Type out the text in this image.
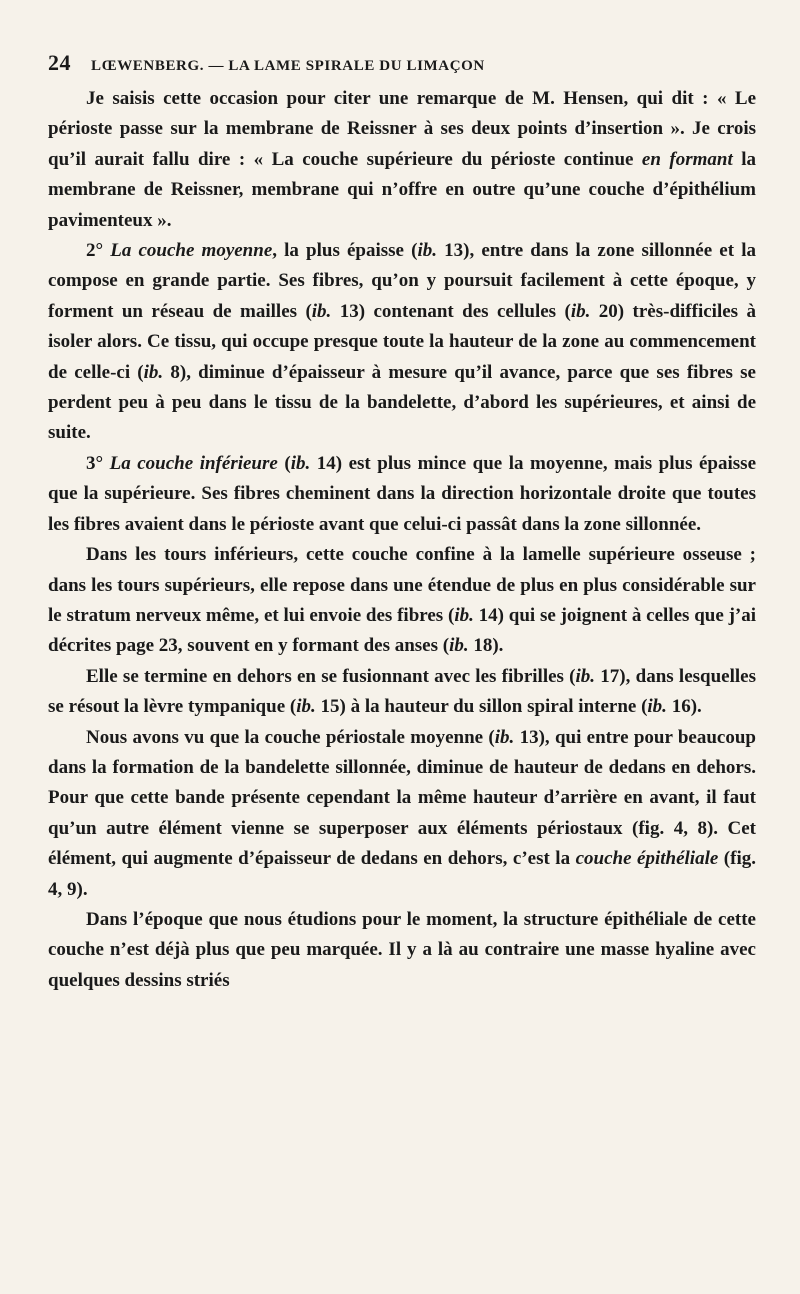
24 LŒWENBERG. — LA LAME SPIRALE DU LIMAÇON

Je saisis cette occasion pour citer une remarque de M. Hensen, qui dit : « Le périoste passe sur la membrane de Reissner à ses deux points d’insertion ». Je crois qu’il aurait fallu dire : « La couche supérieure du périoste continue en formant la membrane de Reissner, membrane qui n’offre en outre qu’une couche d’épithélium pavimenteux ».

2° La couche moyenne, la plus épaisse (ib. 13), entre dans la zone sillonnée et la compose en grande partie. Ses fibres, qu’on y poursuit facilement à cette époque, y forment un réseau de mailles (ib. 13) contenant des cellules (ib. 20) très-difficiles à isoler alors. Ce tissu, qui occupe presque toute la hauteur de la zone au commencement de celle-ci (ib. 8), diminue d’épaisseur à mesure qu’il avance, parce que ses fibres se perdent peu à peu dans le tissu de la bandelette, d’abord les supérieures, et ainsi de suite.

3° La couche inférieure (ib. 14) est plus mince que la moyenne, mais plus épaisse que la supérieure. Ses fibres cheminent dans la direction horizontale droite que toutes les fibres avaient dans le périoste avant que celui-ci passât dans la zone sillonnée.

Dans les tours inférieurs, cette couche confine à la lamelle supérieure osseuse ; dans les tours supérieurs, elle repose dans une étendue de plus en plus considérable sur le stratum nerveux même, et lui envoie des fibres (ib. 14) qui se joignent à celles que j’ai décrites page 23, souvent en y formant des anses (ib. 18).

Elle se termine en dehors en se fusionnant avec les fibrilles (ib. 17), dans lesquelles se résout la lèvre tympanique (ib. 15) à la hauteur du sillon spiral interne (ib. 16).

Nous avons vu que la couche périostale moyenne (ib. 13), qui entre pour beaucoup dans la formation de la bandelette sillonnée, diminue de hauteur de dedans en dehors. Pour que cette bande présente cependant la même hauteur d’arrière en avant, il faut qu’un autre élément vienne se superposer aux éléments périostaux (fig. 4, 8). Cet élément, qui augmente d’épaisseur de dedans en dehors, c’est la couche épithéliale (fig. 4, 9).

Dans l’époque que nous étudions pour le moment, la structure épithéliale de cette couche n’est déjà plus que peu marquée. Il y a là au contraire une masse hyaline avec quelques dessins striés
